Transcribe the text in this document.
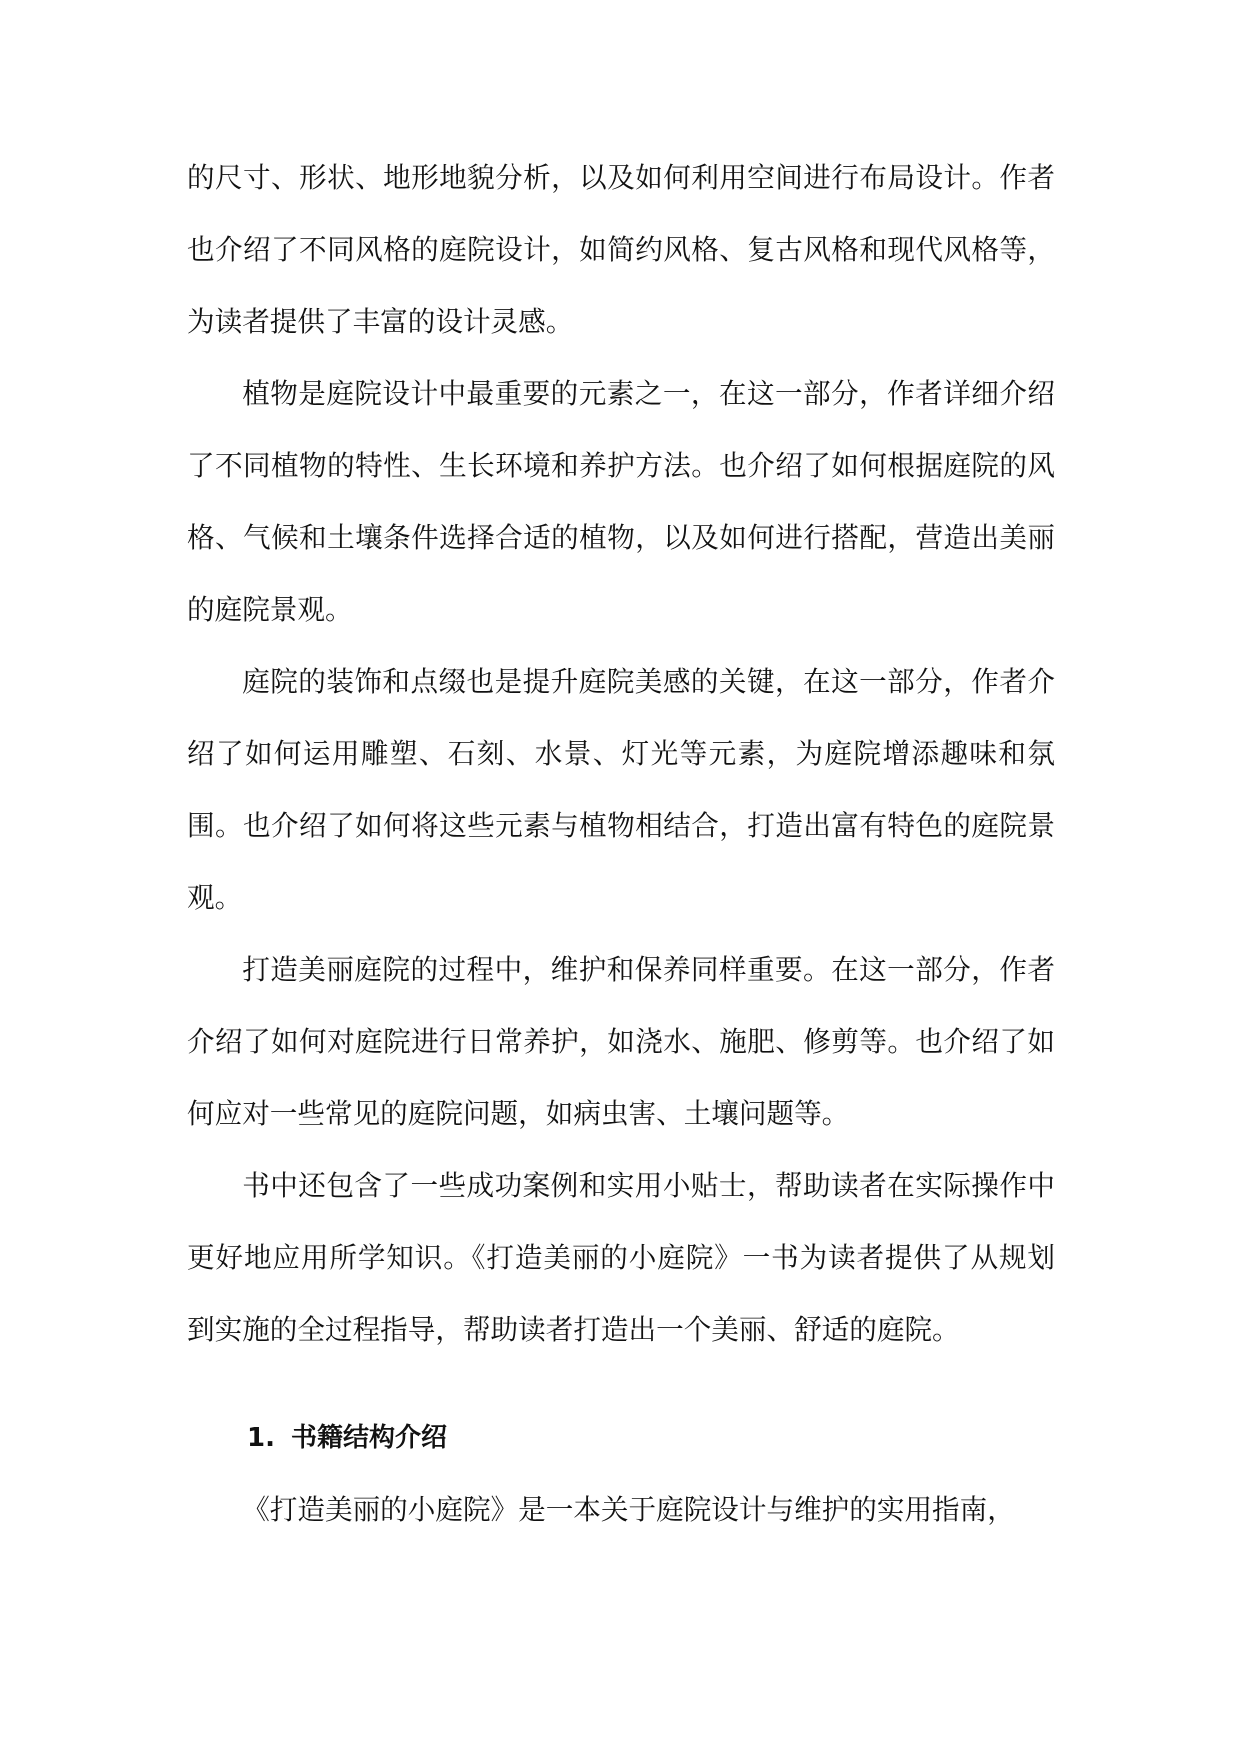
的尺寸、形状、地形地貌分析，以及如何利用空间进行布局设计。作者也介绍了不同风格的庭院设计，如简约风格、复古风格和现代风格等，为读者提供了丰富的设计灵感。

植物是庭院设计中最重要的元素之一，在这一部分，作者详细介绍了不同植物的特性、生长环境和养护方法。也介绍了如何根据庭院的风格、气候和土壤条件选择合适的植物，以及如何进行搭配，营造出美丽的庭院景观。

庭院的装饰和点缀也是提升庭院美感的关键，在这一部分，作者介绍了如何运用雕塑、石刻、水景、灯光等元素，为庭院增添趣味和氛围。也介绍了如何将这些元素与植物相结合，打造出富有特色的庭院景观。

打造美丽庭院的过程中，维护和保养同样重要。在这一部分，作者介绍了如何对庭院进行日常养护，如浇水、施肥、修剪等。也介绍了如何应对一些常见的庭院问题，如病虫害、土壤问题等。

书中还包含了一些成功案例和实用小贴士，帮助读者在实际操作中更好地应用所学知识。《打造美丽的小庭院》一书为读者提供了从规划到实施的全过程指导，帮助读者打造出一个美丽、舒适的庭院。

1. 书籍结构介绍

《打造美丽的小庭院》是一本关于庭院设计与维护的实用指南，
